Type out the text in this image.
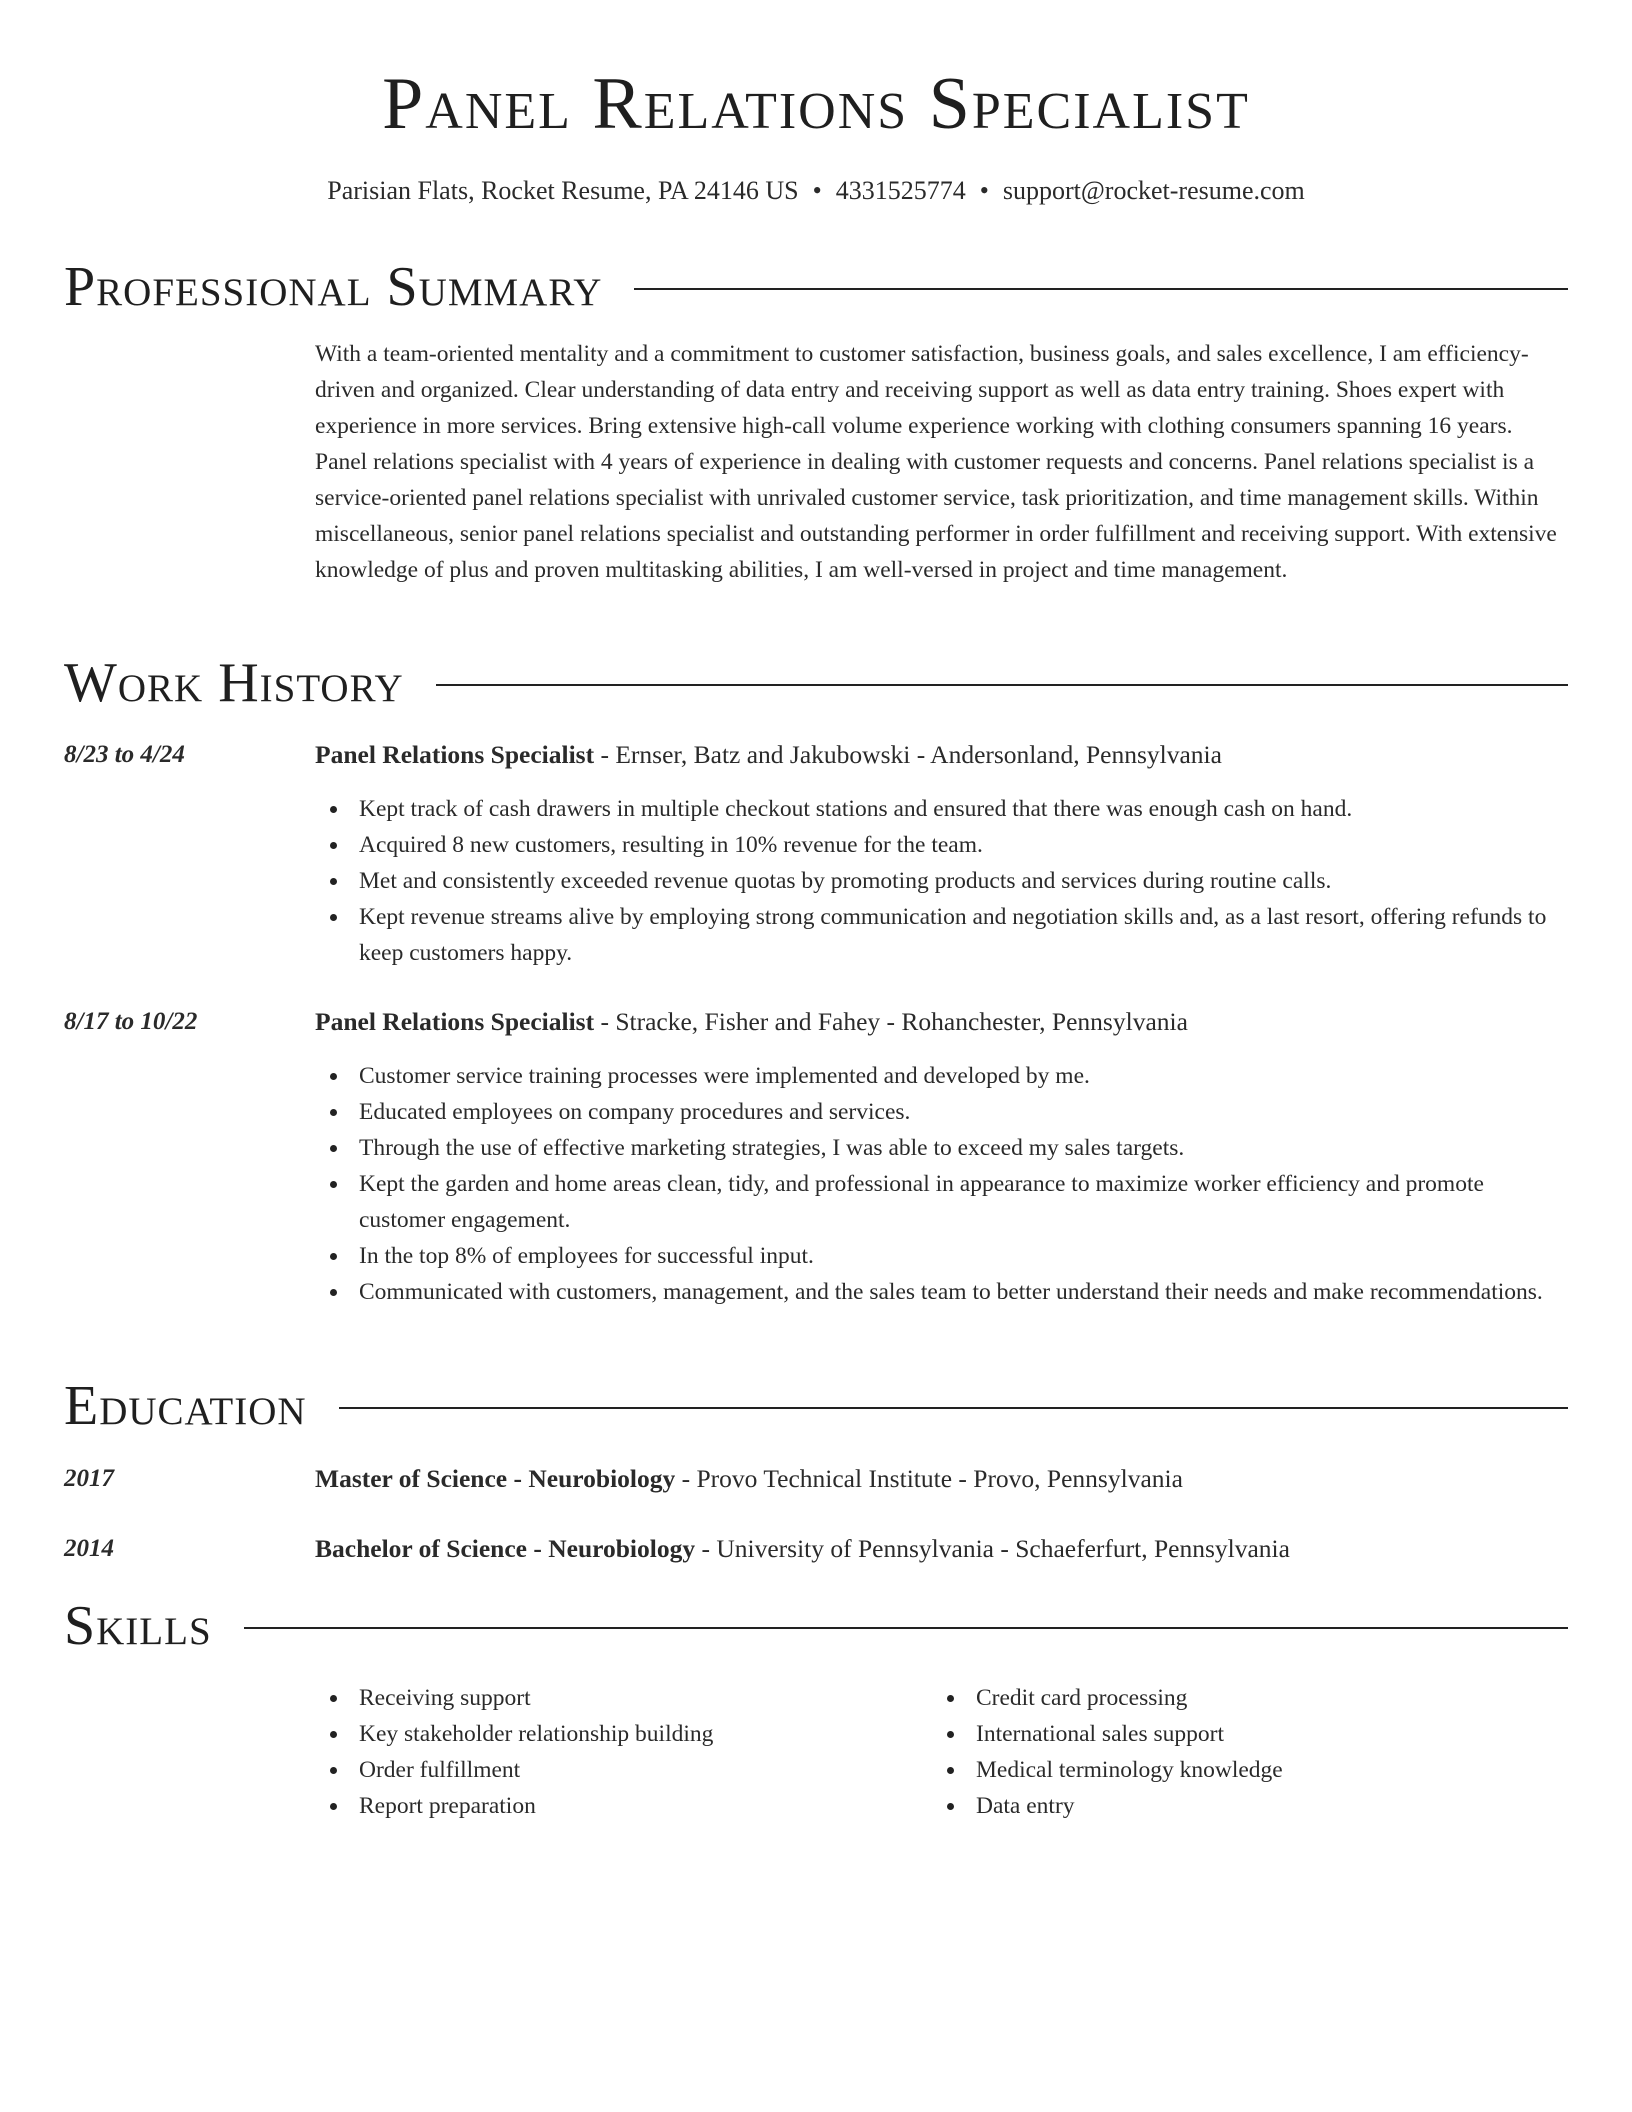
Panel Relations Specialist
Parisian Flats, Rocket Resume, PA 24146 US • 4331525774 • support@rocket-resume.com
Professional Summary

With a team-oriented mentality and a commitment to customer satisfaction, business goals, and sales excellence, I am efficiency-driven and organized. Clear understanding of data entry and receiving support as well as data entry training. Shoes expert with experience in more services. Bring extensive high-call volume experience working with clothing consumers spanning 16 years. Panel relations specialist with 4 years of experience in dealing with customer requests and concerns. Panel relations specialist is a service-oriented panel relations specialist with unrivaled customer service, task prioritization, and time management skills. Within miscellaneous, senior panel relations specialist and outstanding performer in order fulfillment and receiving support. With extensive knowledge of plus and proven multitasking abilities, I am well-versed in project and time management.

Work History
8/23 to 4/24	Panel Relations Specialist - Ernser, Batz and Jakubowski - Andersonland, Pennsylvania
Kept track of cash drawers in multiple checkout stations and ensured that there was enough cash on hand.
Acquired 8 new customers, resulting in 10% revenue for the team.
Met and consistently exceeded revenue quotas by promoting products and services during routine calls.
Kept revenue streams alive by employing strong communication and negotiation skills and, as a last resort, offering refunds to keep customers happy.
8/17 to 10/22	Panel Relations Specialist - Stracke, Fisher and Fahey - Rohanchester, Pennsylvania
Customer service training processes were implemented and developed by me.
Educated employees on company procedures and services.
Through the use of effective marketing strategies, I was able to exceed my sales targets.
Kept the garden and home areas clean, tidy, and professional in appearance to maximize worker efficiency and promote customer engagement.
In the top 8% of employees for successful input.
Communicated with customers, management, and the sales team to better understand their needs and make recommendations.
Education
2017	Master of Science - Neurobiology - Provo Technical Institute - Provo, Pennsylvania
2014	Bachelor of Science - Neurobiology - University of Pennsylvania - Schaeferfurt, Pennsylvania
Skills
Receiving support
Key stakeholder relationship building
Order fulfillment
Report preparation
Credit card processing
International sales support
Medical terminology knowledge
Data entry
